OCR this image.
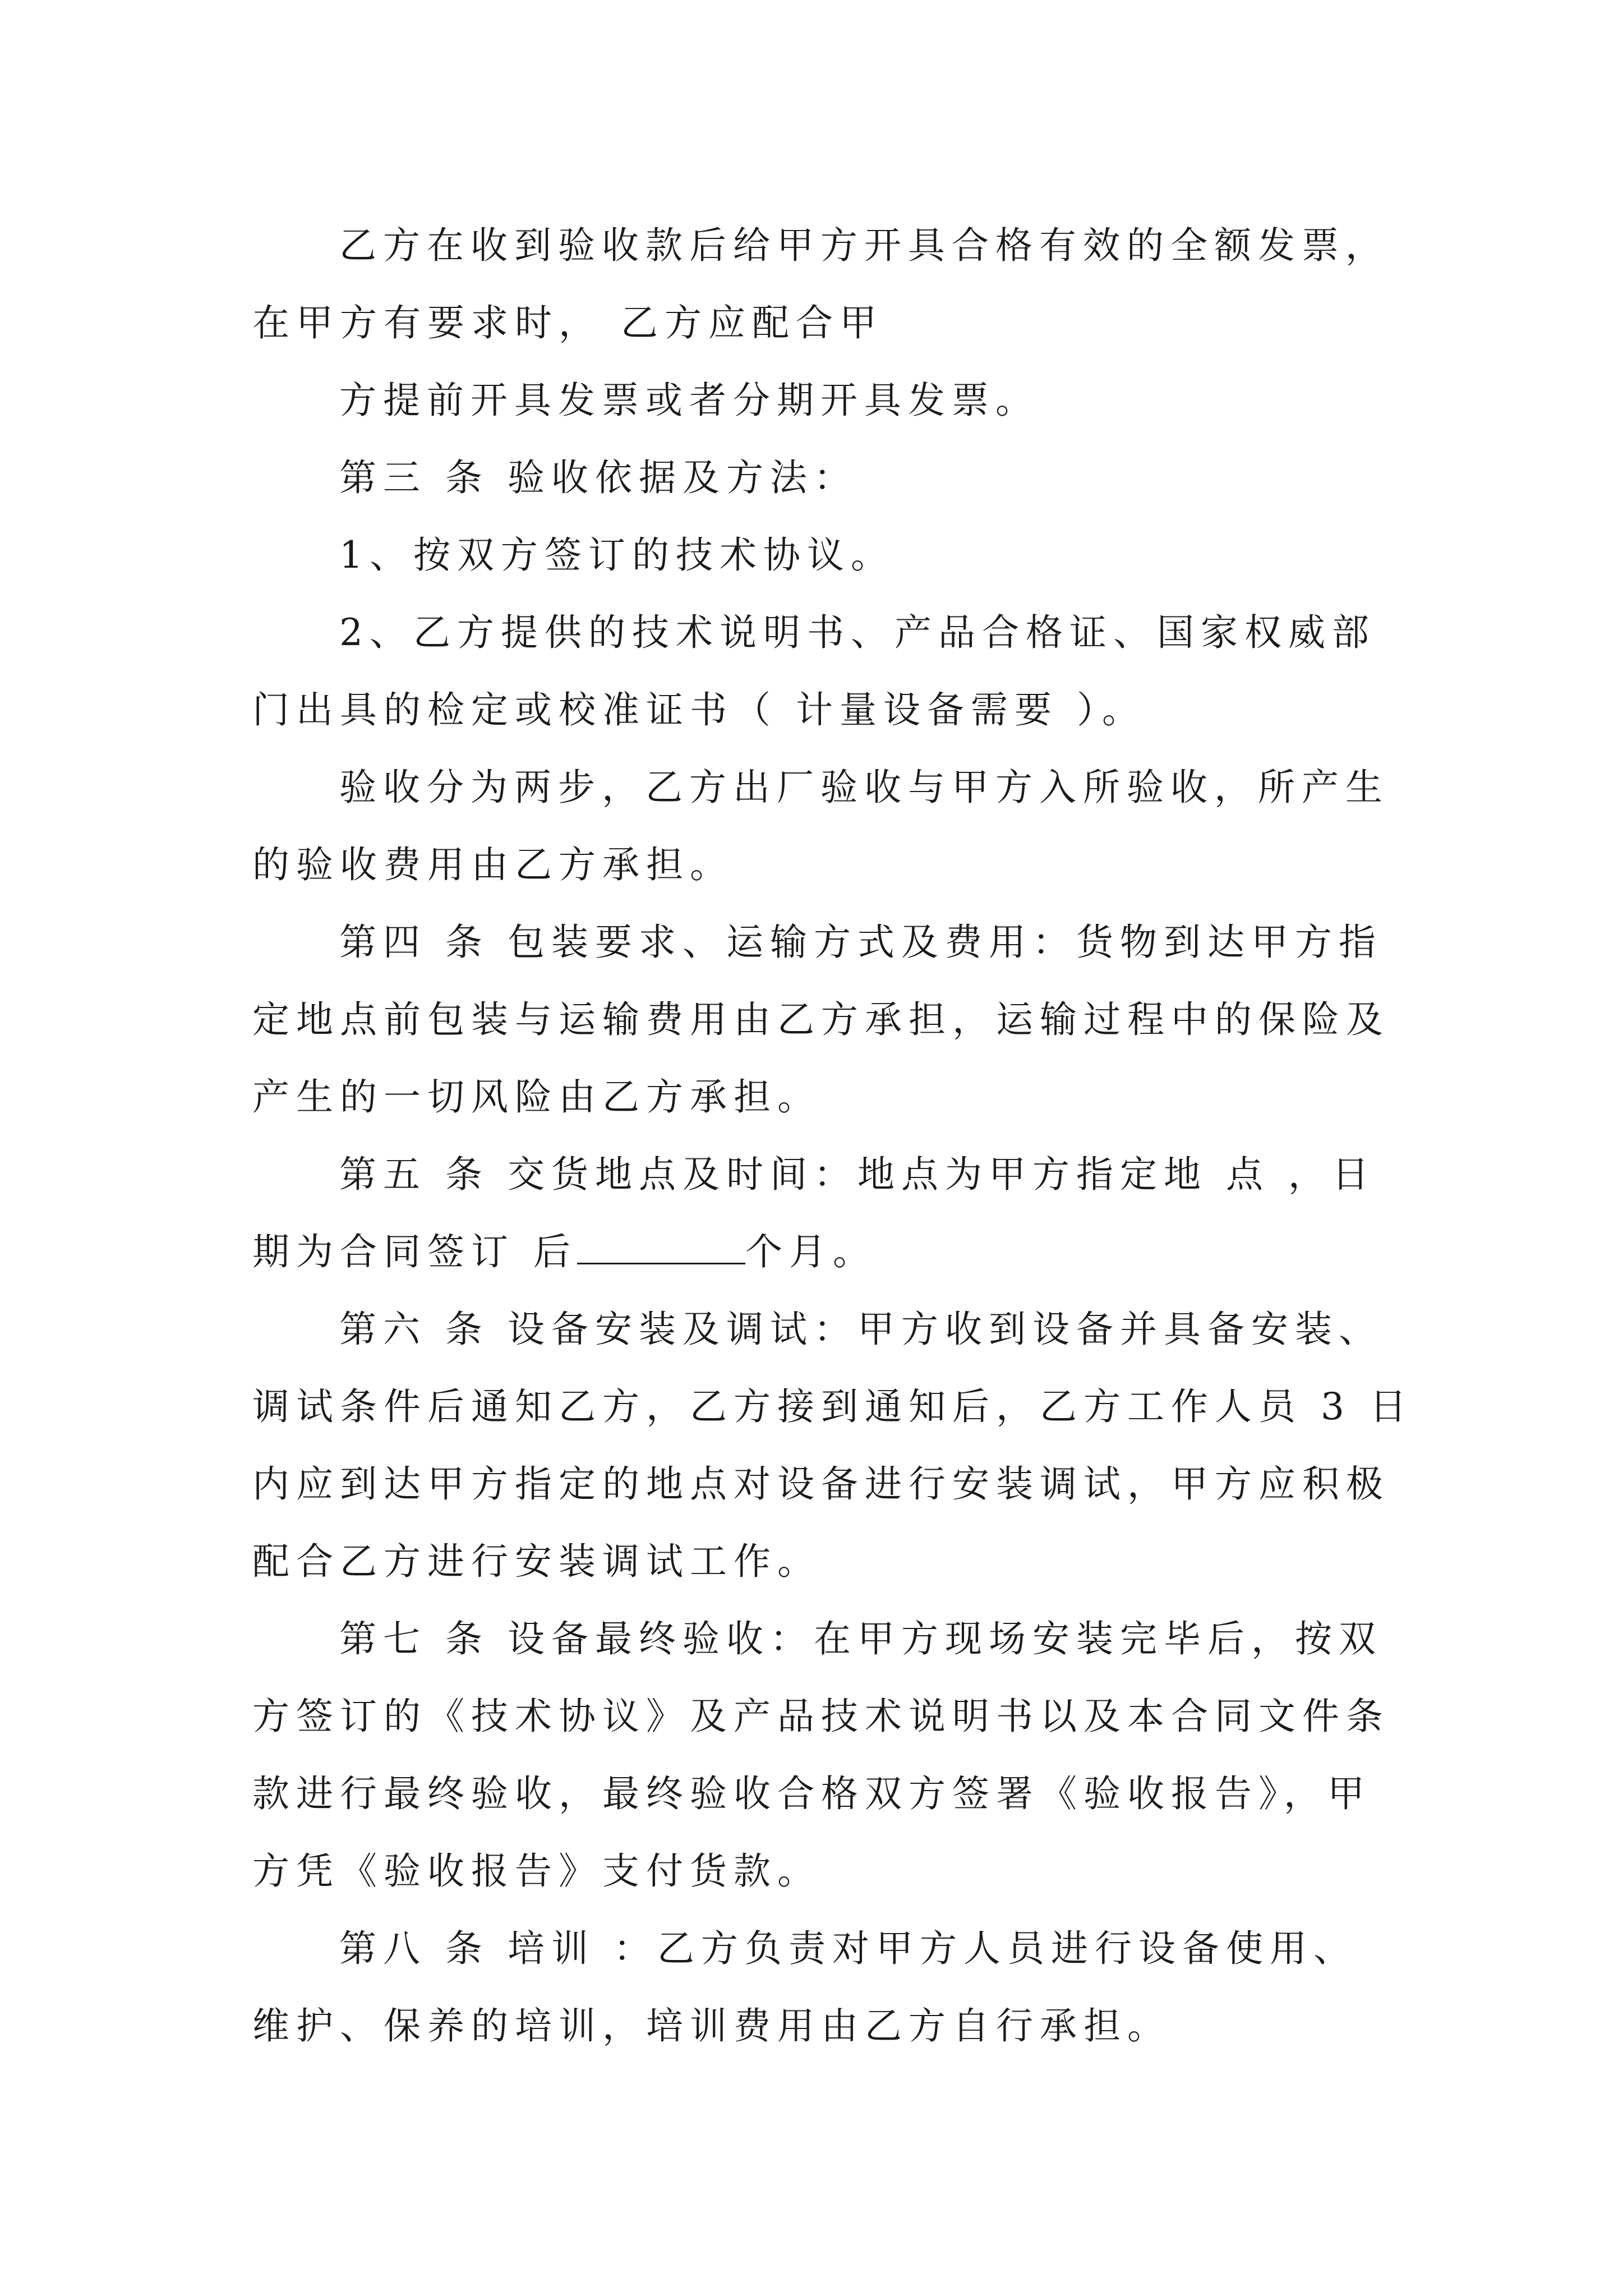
乙方在收到验收款后给甲方开具合格有效的全额发票，
在甲方有要求时， 乙方应配合甲
方提前开具发票或者分期开具发票。
第三 条 验收依据及方法：
1、按双方签订的技术协议。
2、乙方提供的技术说明书、产品合格证、国家权威部
门出具的检定或校准证书（ 计量设备需要 ）。
验收分为两步，乙方出厂验收与甲方入所验收，所产生
的验收费用由乙方承担。
第四 条 包装要求、运输方式及费用：货物到达甲方指
定地点前包装与运输费用由乙方承担，运输过程中的保险及
产生的一切风险由乙方承担。
第五 条 交货地点及时间：地点为甲方指定地 点 ，日
期为合同签订 后	个月。
第六 条 设备安装及调试：甲方收到设备并具备安装、
调试条件后通知乙方，乙方接到通知后，乙方工作人员 3 日
内应到达甲方指定的地点对设备进行安装调试，甲方应积极
配合乙方进行安装调试工作。
第七 条 设备最终验收：在甲方现场安装完毕后，按双
方签订的《技术协议》及产品技术说明书以及本合同文件条
款进行最终验收，最终验收合格双方签署《验收报告》，甲
方凭《验收报告》支付货款。
第八 条 培训 ：乙方负责对甲方人员进行设备使用、
维护、保养的培训，培训费用由乙方自行承担。
